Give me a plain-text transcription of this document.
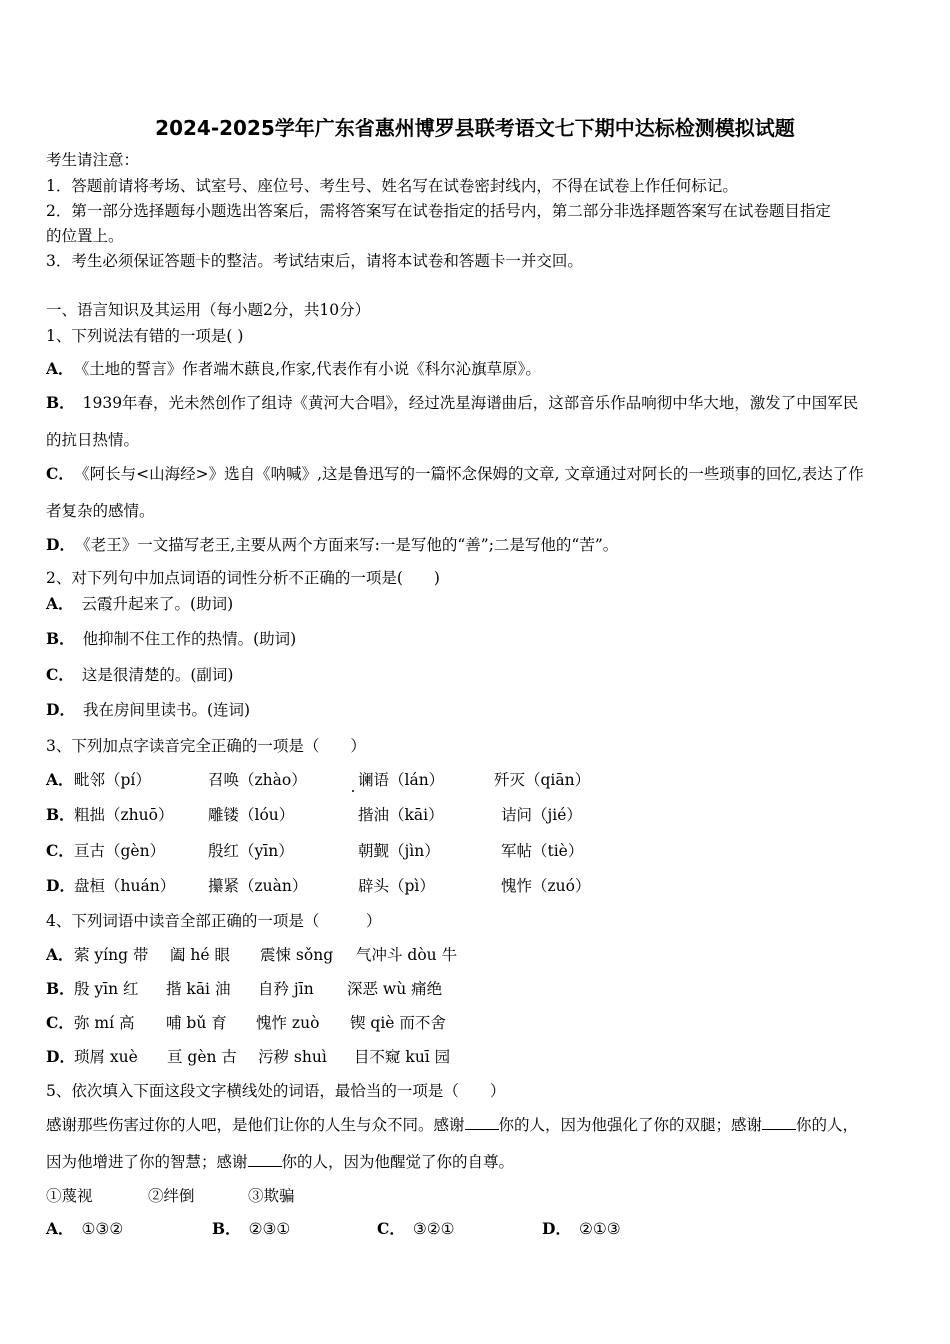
2024-2025学年广东省惠州博罗县联考语文七下期中达标检测模拟试题
考生请注意：
1．答题前请将考场、试室号、座位号、考生号、姓名写在试卷密封线内，不得在试卷上作任何标记。
2．第一部分选择题每小题选出答案后，需将答案写在试卷指定的括号内，第二部分非选择题答案写在试卷题目指定
的位置上。
3．考生必须保证答题卡的整洁。考试结束后，请将本试卷和答题卡一并交回。
一、语言知识及其运用（每小题2分，共10分）
1、下列说法有错的一项是( )
A． 《土地的誓言》作者端木蕻良,作家,代表作有小说《科尔沁旗草原》。
B． 1939年春，光未然创作了组诗《黄河大合唱》，经过冼星海谱曲后，这部音乐作品响彻中华大地，激发了中国军民
的抗日热情。
C． 《阿长与<山海经>》选自《呐喊》,这是鲁迅写的一篇怀念保姆的文章, 文章通过对阿长的一些琐事的回忆,表达了作
者复杂的感情。
D． 《老王》一文描写老王,主要从两个方面来写:一是写他的“善”;二是写他的“苦”。
2、对下列句中加点词语的词性分析不正确的一项是(　　)
A． 云霞升起来了。(助词)
B． 他抑制不住工作的热情。(助词)
C． 这是很清楚的。(副词)
D． 我在房间里读书。(连词)
3、下列加点字读音完全正确的一项是（　　）
A． 毗邻（pí）	召唤（zhào）	谰语（lán）	歼灭（qiān）
B． 粗拙（zhuō） 雕镂（lóu）	揩油（kāi）	诘问（jié）
C． 亘古（gèn）	殷红（yīn）	朝觐（jìn）	军帖（tiè）
D． 盘桓（huán） 攥紧（zuàn）	辟头（pì）	愧怍（zuó）
4、下列词语中读音全部正确的一项是（　　　）
A． 萦 yíng 带 阖 hé 眼 震悚 sǒng 气冲斗 dòu 牛
B． 殷 yīn 红 揩 kāi 油 自矜 jīn 深恶 wù 痛绝
C． 弥 mí 高 哺 bǔ 育 愧怍 zuò 锲 qiè 而不舍
D． 琐屑 xuè 亘 gèn 古 污秽 shuì 目不窥 kuī 园
5、依次填入下面这段文字横线处的词语，最恰当的一项是（　　）
感谢那些伤害过你的人吧，是他们让你的人生与众不同。感谢 你的人，因为他强化了你的双腿；感谢 你的人，
因为他增进了你的智慧；感谢 你的人，因为他醒觉了你的自尊。
①蔑视	②绊倒	③欺骗
A． ①③②	B． ②③①	C． ③②①	D． ②①③
